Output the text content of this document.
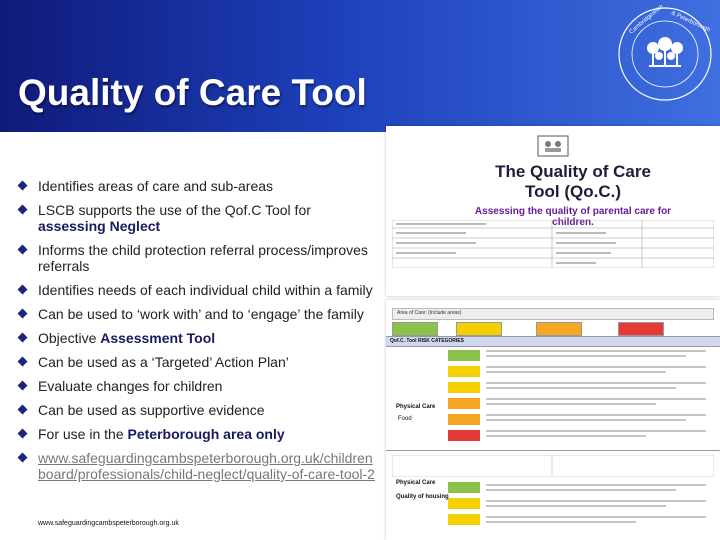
Quality of Care Tool
Cambridgeshire & Peterborough
Identifies areas of care and sub-areas
LSCB supports the use of the Qof.C Tool for assessing Neglect
Informs the child protection referral process/improves referrals
Identifies needs of each individual child within a family
Can be used to ‘work with’ and to ‘engage’ the family
Objective Assessment Tool
Can be used as a ‘Targeted’ Action Plan’
Evaluate changes for children
Can be used as supportive evidence
For use in the Peterborough area only
www.safeguardingcambspeterborough.org.uk/childrenboard/professionals/child-neglect/quality-of-care-tool-2
www.safeguardingcambspeterborough.org.uk
The Quality of Care Tool (Qo.C.)
Assessing the quality of parental care for children.
Area of Care: (Include areas)
Qof.C. Tool RISK CATEGORIES
Physical Care
Food
Physical Care
Quality of housing
